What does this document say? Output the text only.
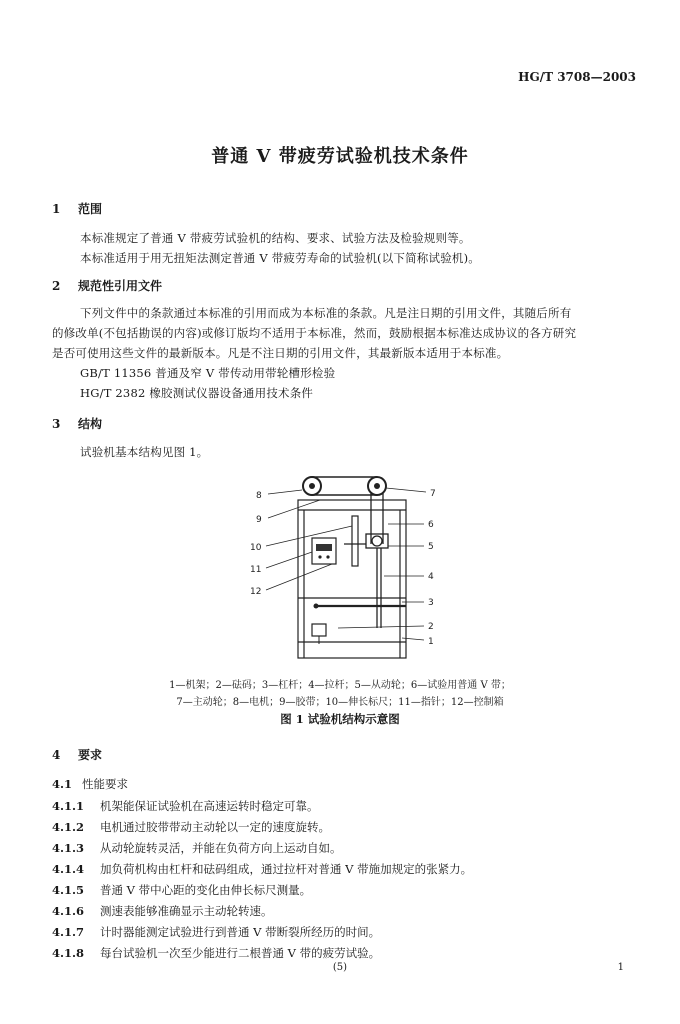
HG/T 3708—2003
普通 V 带疲劳试验机技术条件
1 范围
本标准规定了普通 V 带疲劳试验机的结构、要求、试验方法及检验规则等。
本标准适用于用无扭矩法测定普通 V 带疲劳寿命的试验机(以下简称试验机)。
2 规范性引用文件
下列文件中的条款通过本标准的引用而成为本标准的条款。凡是注日期的引用文件，其随后所有
的修改单(不包括勘误的内容)或修订版均不适用于本标准，然而，鼓励根据本标准达成协议的各方研究
是否可使用这些文件的最新版本。凡是不注日期的引用文件，其最新版本适用于本标准。
GB/T 11356 普通及窄 V 带传动用带轮槽形检验
HG/T 2382 橡胶测试仪器设备通用技术条件
3 结构
试验机基本结构见图 1。
8
9
10
11
12
7
6
5
4
3
2
1
1—机架；2—砝码；3—杠杆；4—拉杆；5—从动轮；6—试验用普通 V 带；
7—主动轮；8—电机；9—胶带；10—伸长标尺；11—指针；12—控制箱
图 1 试验机结构示意图
4 要求
4.1 性能要求
4.1.1 机架能保证试验机在高速运转时稳定可靠。
4.1.2 电机通过胶带带动主动轮以一定的速度旋转。
4.1.3 从动轮旋转灵活，并能在负荷方向上运动自如。
4.1.4 加负荷机构由杠杆和砝码组成，通过拉杆对普通 V 带施加规定的张紧力。
4.1.5 普通 V 带中心距的变化由伸长标尺测量。
4.1.6 测速表能够准确显示主动轮转速。
4.1.7 计时器能测定试验进行到普通 V 带断裂所经历的时间。
4.1.8 每台试验机一次至少能进行二根普通 V 带的疲劳试验。
(5)	1
